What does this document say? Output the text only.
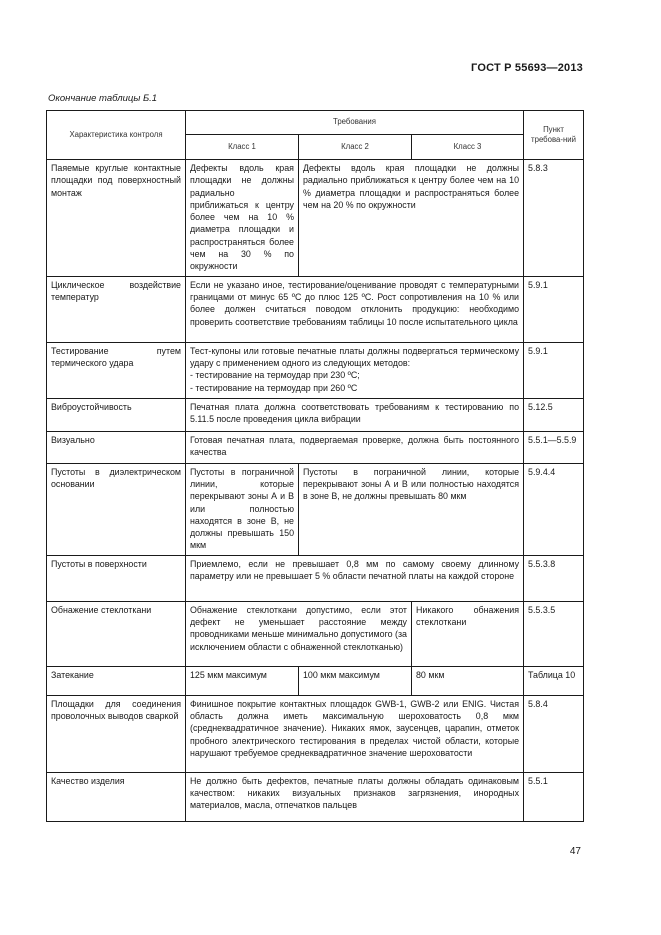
ГОСТ Р 55693—2013
Окончание таблицы Б.1
Характеристика контроля	Требования			Пункт требова-ний
	Класс 1	Класс 2	Класс 3	
Паяемые круглые контактные площадки под поверхностный монтаж	Дефекты вдоль края площадки не должны радиально приближаться к центру более чем на 10 % диаметра площадки и распространяться более чем на 30 % по окружности	Дефекты вдоль края площадки не должны радиально приближаться к центру более чем на 10 % диаметра площадки и распространяться более чем на 20 % по окружности		5.8.3
Циклическое воздействие температур	Если не указано иное, тестирование/оценивание проводят с температурными границами от минус 65 ºС до плюс 125 ºС. Рост сопротивления на 10 % или более должен считаться поводом отклонить продукцию: необходимо проверить соответствие требованиям таблицы 10 после испытательного цикла			5.9.1
Тестирование путем термического удара	Тест-купоны или готовые печатные платы должны подвергаться термическому удару с применением одного из следующих методов:
- тестирование на термоудар при 230 ºС;
- тестирование на термоудар при 260 ºС			5.9.1
Виброустойчивость	Печатная плата должна соответствовать требованиям к тестированию по 5.11.5 после проведения цикла вибрации			5.12.5
Визуально	Готовая печатная плата, подвергаемая проверке, должна быть постоянного качества			5.5.1—5.5.9
Пустоты в диэлектрическом основании	Пустоты в пограничной линии, которые перекрывают зоны А и В или полностью находятся в зоне В, не должны превышать 150 мкм	Пустоты в пограничной линии, которые перекрывают зоны А и В или полностью находятся в зоне В, не должны превышать 80 мкм		5.9.4.4
Пустоты в поверхности	Приемлемо, если не превышает 0,8 мм по самому своему длинному параметру или не превышает 5 % области печатной платы на каждой стороне			5.5.3.8
Обнажение стеклоткани	Обнажение стеклоткани допустимо, если этот дефект не уменьшает расстояние между проводниками меньше минимально допустимого (за исключением области с обнаженной стеклотканью)		Никакого обнажения стеклоткани	5.5.3.5
Затекание	125 мкм максимум	100 мкм максимум	80 мкм	Таблица 10
Площадки для соединения проволочных выводов сваркой	Финишное покрытие контактных площадок GWB-1, GWB-2 или ENIG. Чистая область должна иметь максимальную шероховатость 0,8 мкм (среднеквадратичное значение). Никаких ямок, заусенцев, царапин, отметок пробного электрического тестирования в пределах чистой области, которые нарушают требуемое среднеквадратичное значение шероховатости			5.8.4
Качество изделия	Не должно быть дефектов, печатные платы должны обладать одинаковым качеством: никаких визуальных признаков загрязнения, инородных материалов, масла, отпечатков пальцев			5.5.1
47
